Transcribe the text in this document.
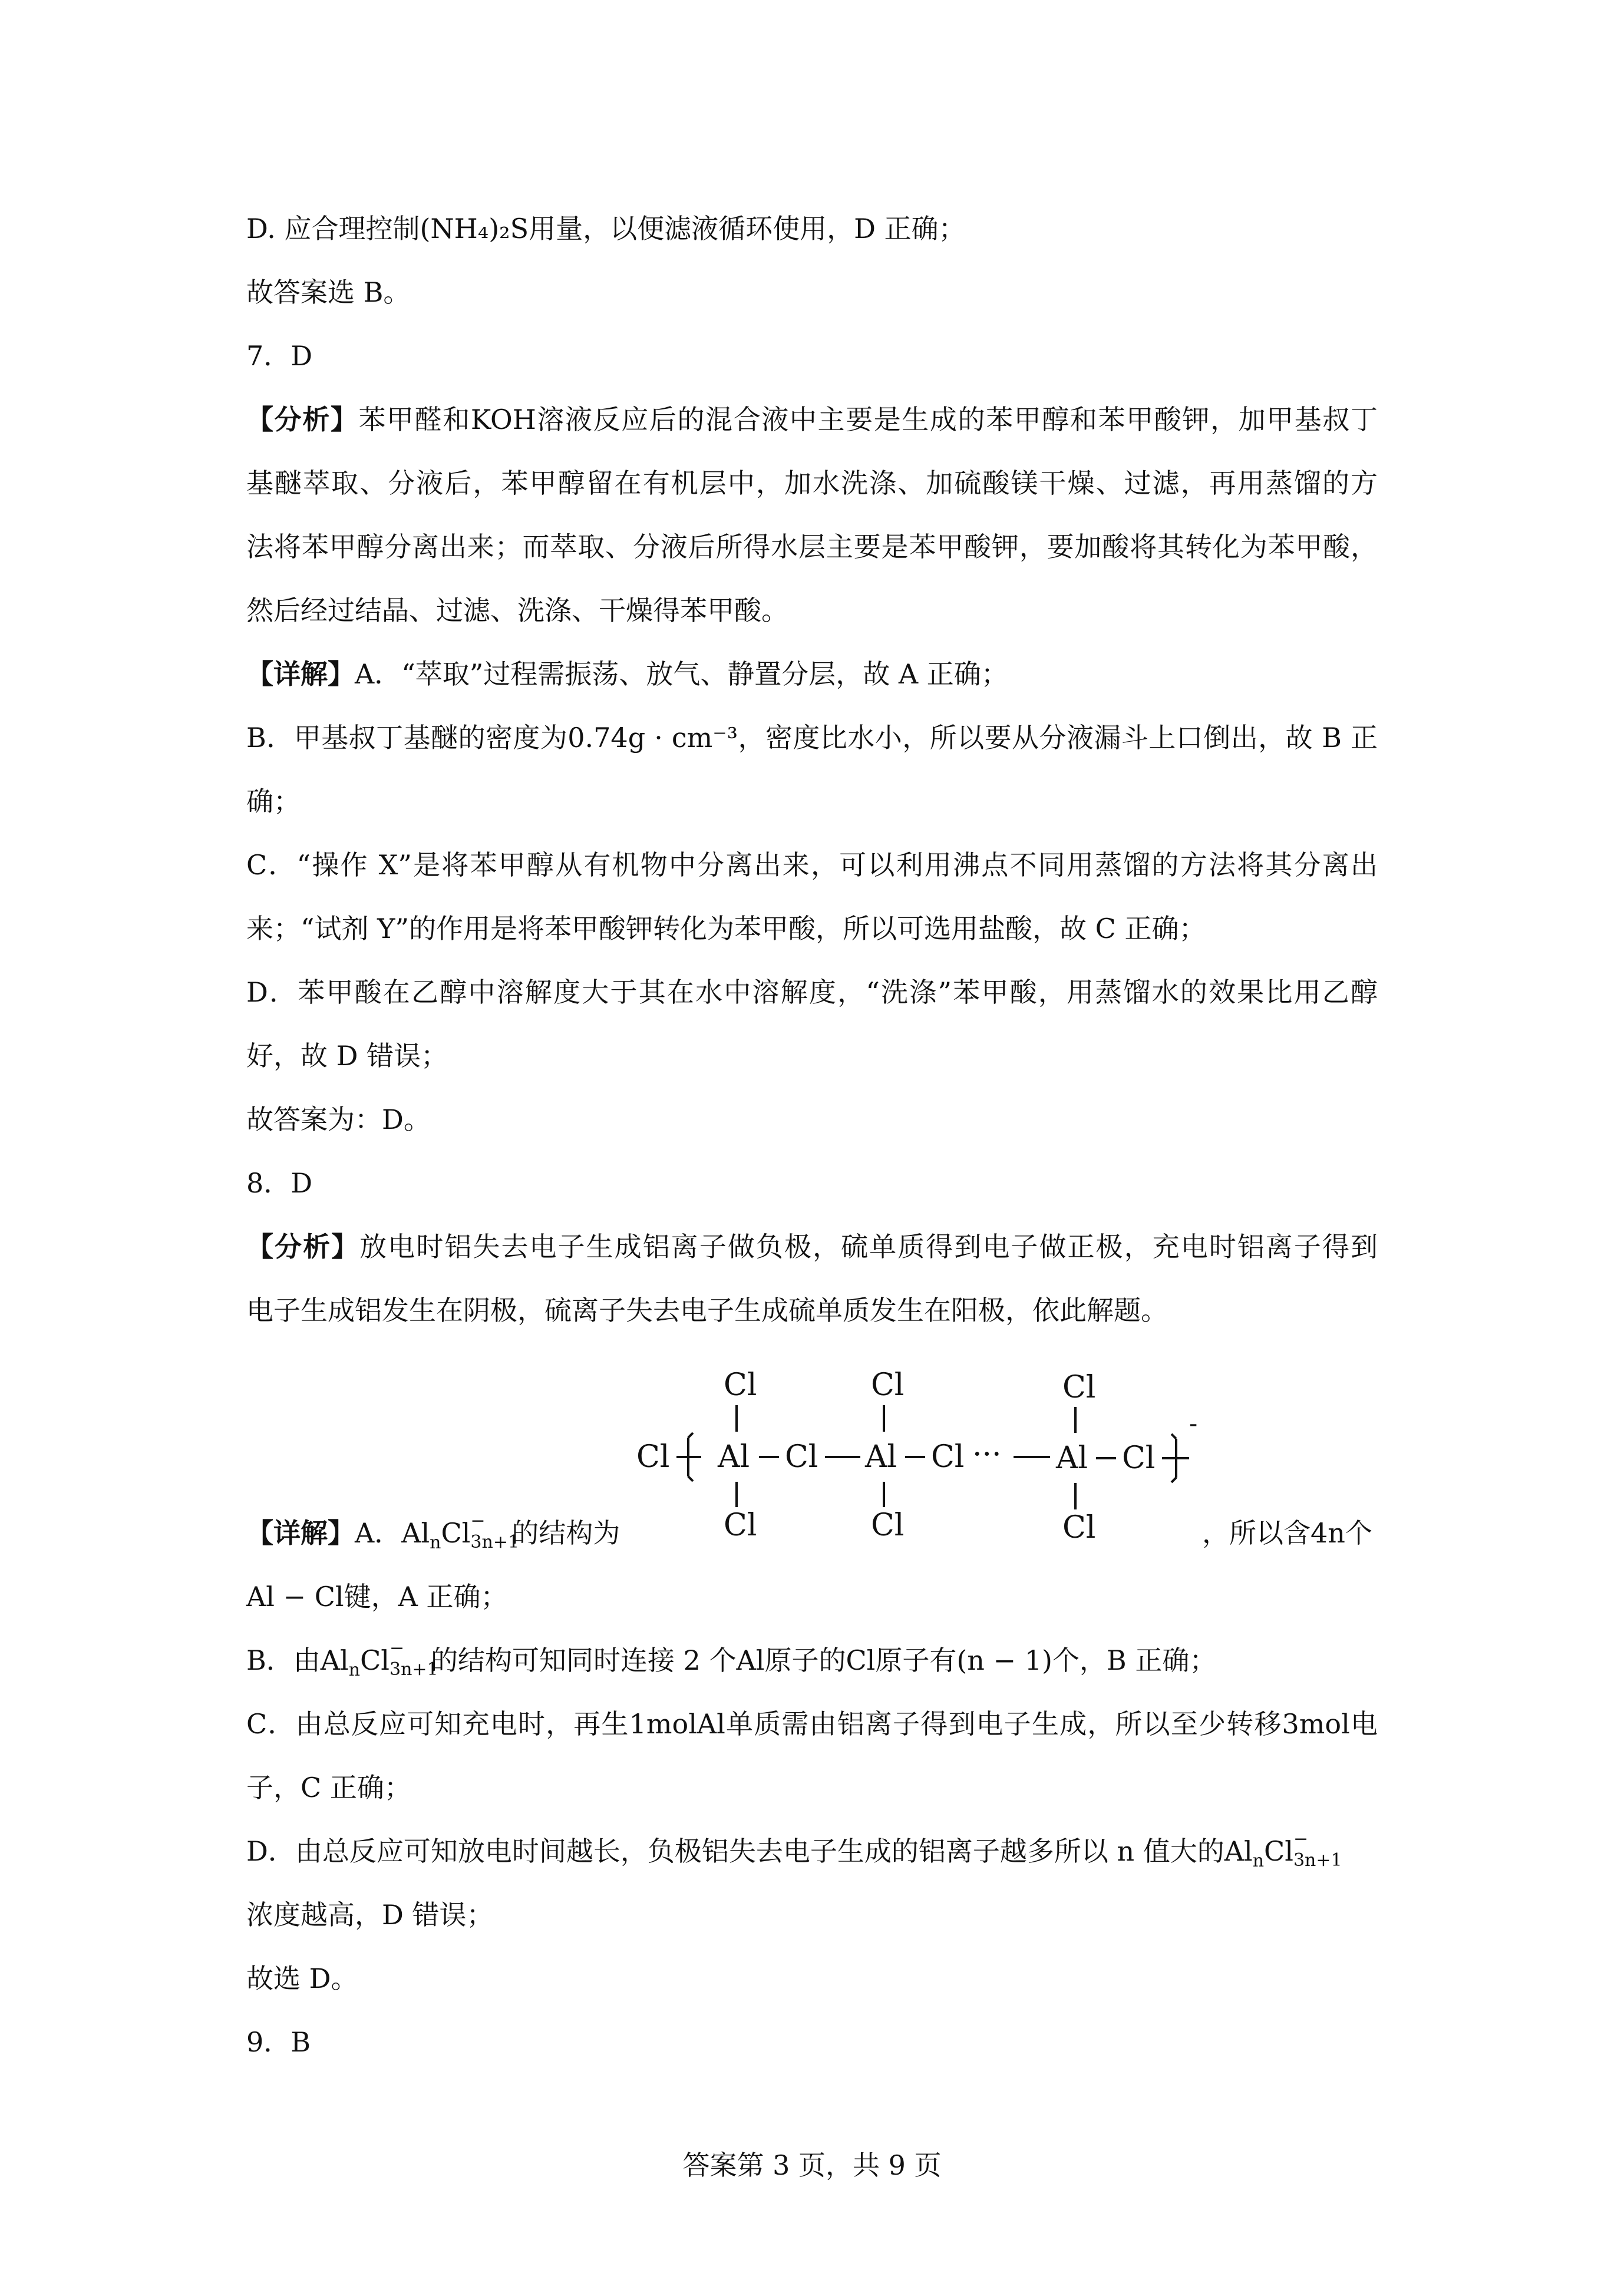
D. 应合理控制(NH₄)₂S用量，以便滤液循环使用，D 正确；
故答案选 B。
7．D
【分析】苯甲醛和KOH溶液反应后的混合液中主要是生成的苯甲醇和苯甲酸钾，加甲基叔丁
基醚萃取、分液后，苯甲醇留在有机层中，加水洗涤、加硫酸镁干燥、过滤，再用蒸馏的方
法将苯甲醇分离出来；而萃取、分液后所得水层主要是苯甲酸钾，要加酸将其转化为苯甲酸，
然后经过结晶、过滤、洗涤、干燥得苯甲酸。
【详解】A．“萃取”过程需振荡、放气、静置分层，故 A 正确；
B．甲基叔丁基醚的密度为0.74g · cm⁻³，密度比水小，所以要从分液漏斗上口倒出，故 B 正
确；
C．“操作 X”是将苯甲醇从有机物中分离出来，可以利用沸点不同用蒸馏的方法将其分离出
来；“试剂 Y”的作用是将苯甲酸钾转化为苯甲酸，所以可选用盐酸，故 C 正确；
D．苯甲酸在乙醇中溶解度大于其在水中溶解度，“洗涤”苯甲酸，用蒸馏水的效果比用乙醇
好，故 D 错误；
故答案为：D。
8．D
【分析】放电时铝失去电子生成铝离子做负极，硫单质得到电子做正极，充电时铝离子得到
电子生成铝发生在阴极，硫离子失去电子生成硫单质发生在阳极，依此解题。
Cl	Cl	Cl
Cl Al Cl Al Cl ··· Al Cl
-
Cl	Cl	Cl
【详解】A．$Al_nCl$ −
3n+1
的结构为	，所以含4n个
Al − Cl键，A 正确；
B．由$Al_nCl$ −
3n+1
的结构可知同时连接 2 个Al原子的Cl原子有(n − 1)个，B 正确；
C．由总反应可知充电时，再生1molAl单质需由铝离子得到电子生成，所以至少转移3mol电
子，C 正确；
D．由总反应可知放电时间越长，负极铝失去电子生成的铝离子越多所以 n 值大的$Al_nCl$ −
3n+1
浓度越高，D 错误；
故选 D。
9．B
答案第 3 页，共 9 页
